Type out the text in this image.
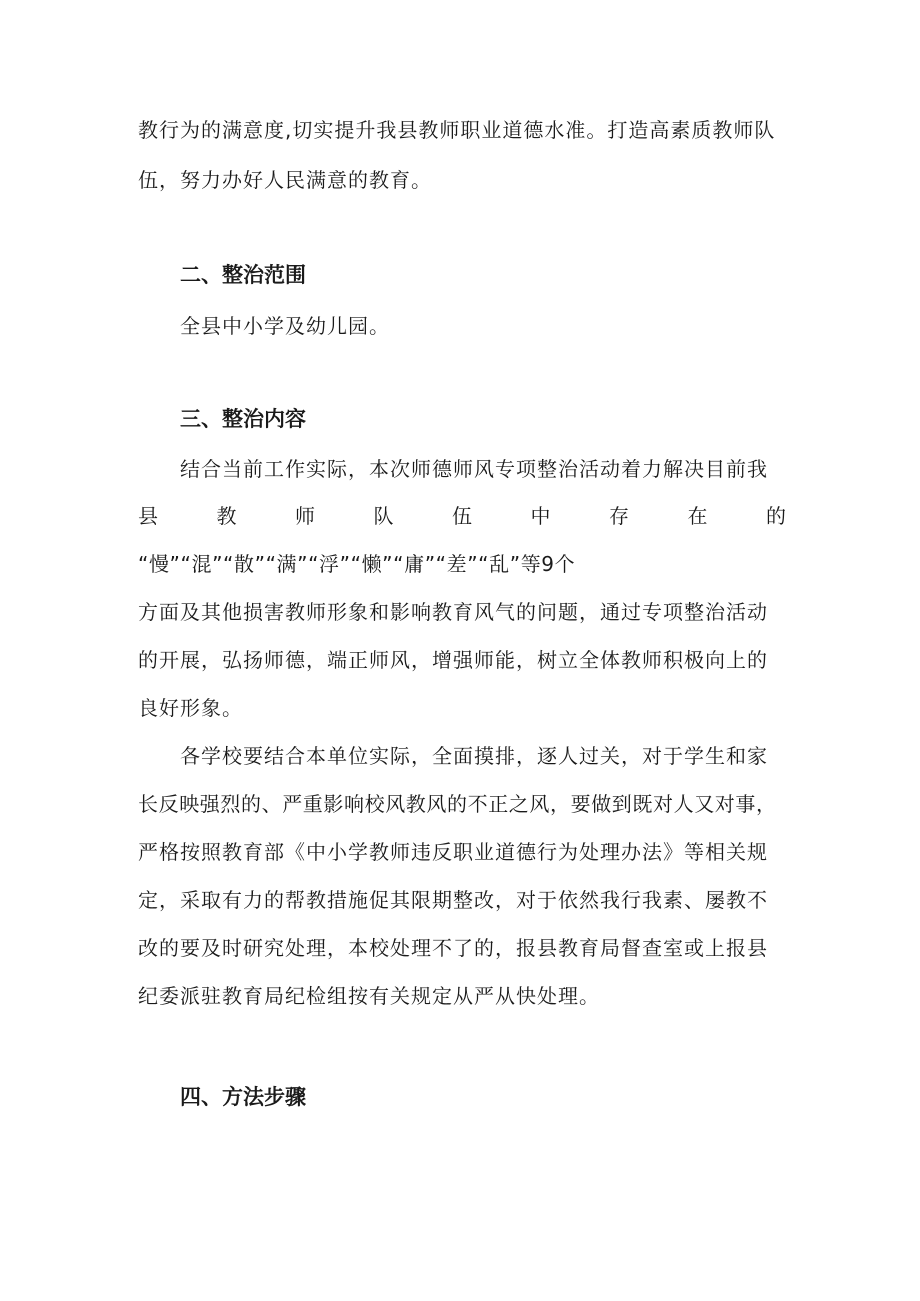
教行为的满意度,切实提升我县教师职业道德水准。打造高素质教师队
伍，努力办好人民满意的教育。
二、整治范围
全县中小学及幼儿园。
三、整治内容
结合当前工作实际，本次师德师风专项整治活动着力解决目前我
县	教	师	队	伍	中	存	在	的
“慢”“混”“散”“满”“浮”“懒”“庸”“差”“乱”等9个
方面及其他损害教师形象和影响教育风气的问题，通过专项整治活动
的开展，弘扬师德，端正师风，增强师能，树立全体教师积极向上的
良好形象。
各学校要结合本单位实际，全面摸排，逐人过关，对于学生和家
长反映强烈的、严重影响校风教风的不正之风，要做到既对人又对事，
严格按照教育部《中小学教师违反职业道德行为处理办法》等相关规
定，采取有力的帮教措施促其限期整改，对于依然我行我素、屡教不
改的要及时研究处理，本校处理不了的，报县教育局督查室或上报县
纪委派驻教育局纪检组按有关规定从严从快处理。
四、方法步骤
